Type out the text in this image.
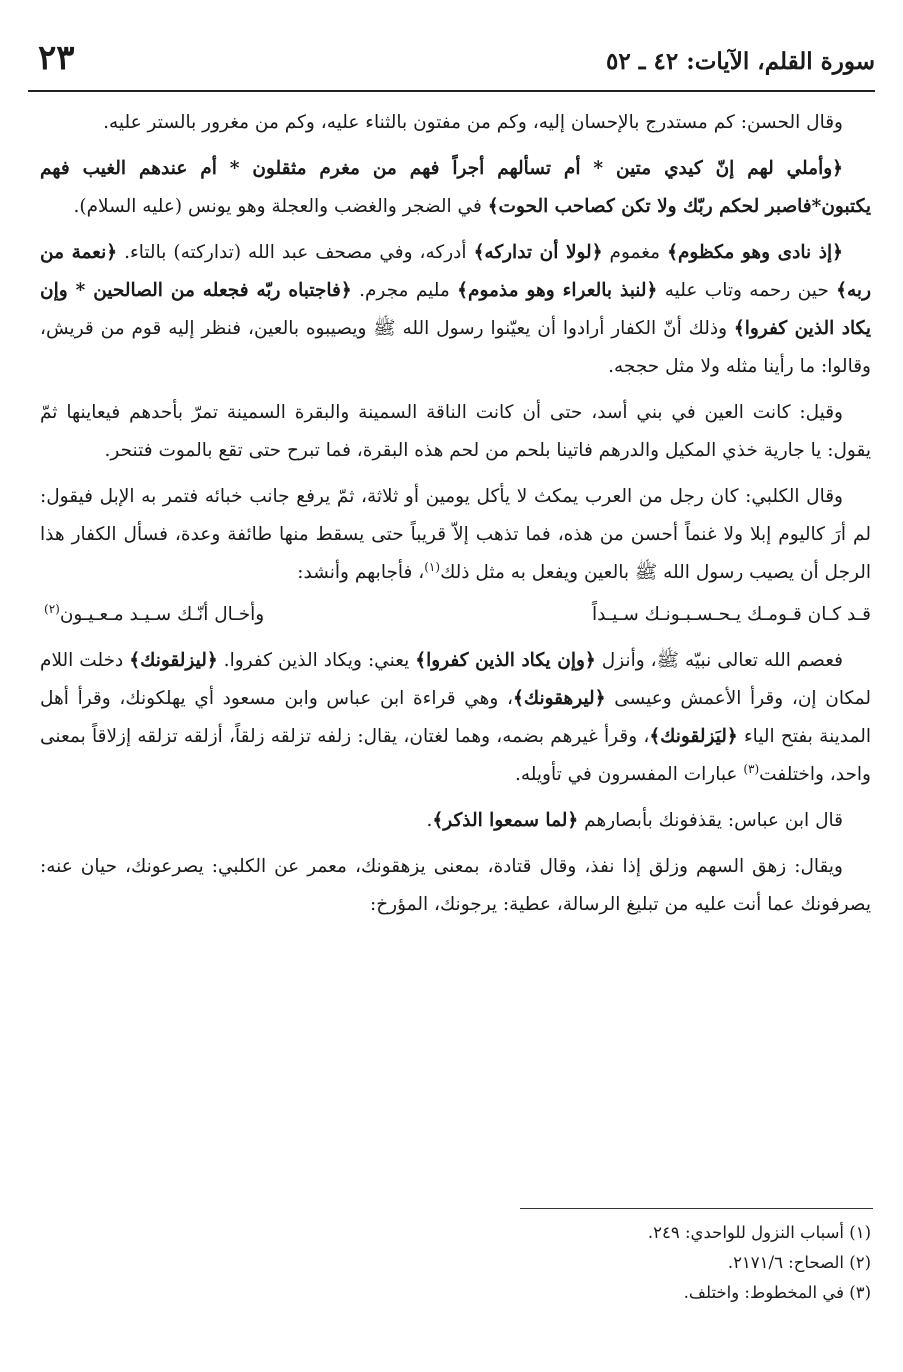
سورة القلم، الآيات: ٤٢ ـ ٥٢
٢٣

وقال الحسن: كم مستدرج بالإحسان إليه، وكم من مفتون بالثناء عليه، وكم من مغرور بالستر عليه.

﴿وأملي لهم إنّ كيدي متين * أم تسألهم أجراً فهم من مغرم مثقلون * أم عندهم الغيب فهم يكتبون*فاصبر لحكم ربّك ولا تكن كصاحب الحوت﴾ في الضجر والغضب والعجلة وهو يونس (عليه السلام).

﴿إذ نادى وهو مكظوم﴾ مغموم ﴿لولا أن تداركه﴾ أدركه، وفي مصحف عبد الله (تداركته) بالتاء. ﴿نعمة من ربه﴾ حين رحمه وتاب عليه ﴿لنبذ بالعراء وهو مذموم﴾ مليم مجرم. ﴿فاجتباه ربّه فجعله من الصالحين * وإن يكاد الذين كفروا﴾ وذلك أنّ الكفار أرادوا أن يعيّنوا رسول الله ﷺ ويصيبوه بالعين، فنظر إليه قوم من قريش، وقالوا: ما رأينا مثله ولا مثل حججه.

وقيل: كانت العين في بني أسد، حتى أن كانت الناقة السمينة والبقرة السمينة تمرّ بأحدهم فيعاينها ثمّ يقول: يا جارية خذي المكيل والدرهم فاتينا بلحم من لحم هذه البقرة، فما تبرح حتى تقع بالموت فتنحر.

وقال الكلبي: كان رجل من العرب يمكث لا يأكل يومين أو ثلاثة، ثمّ يرفع جانب خبائه فتمر به الإبل فيقول: لم أرَ كاليوم إبلا ولا غنماً أحسن من هذه، فما تذهب إلاّ قريباً حتى يسقط منها طائفة وعدة، فسأل الكفار هذا الرجل أن يصيب رسول الله ﷺ بالعين ويفعل به مثل ذلك$^{(١)}$، فأجابهم وأنشد:

قـد كـان قـومـك يـحـسـبـونـك سـيـداً
وأخـال أنّـك سـيـد مـعـيـون$^{(٢)}$

فعصم الله تعالى نبيّه ﷺ، وأنزل ﴿وإن يكاد الذين كفروا﴾ يعني: ويكاد الذين كفروا. ﴿ليزلقونك﴾ دخلت اللام لمكان إن، وقرأ الأعمش وعيسى ﴿ليرهقونك﴾، وهي قراءة ابن عباس وابن مسعود أي يهلكونك، وقرأ أهل المدينة بفتح الياء ﴿ليَزلقونك﴾، وقرأ غيرهم بضمه، وهما لغتان، يقال: زلفه تزلقه زلقاً، أزلقه تزلقه إزلاقاً بمعنى واحد، واختلفت$^{(٣)}$ عبارات المفسرون في تأويله.

قال ابن عباس: يقذفونك بأبصارهم ﴿لما سمعوا الذكر﴾.

ويقال: زهق السهم وزلق إذا نفذ، وقال قتادة، بمعنى يزهقونك، معمر عن الكلبي: يصرعونك، حيان عنه: يصرفونك عما أنت عليه من تبليغ الرسالة، عطية: يرجونك، المؤرخ:

(١) أسباب النزول للواحدي: ٢٤٩.
(٢) الصحاح: ٢١٧١/٦.
(٣) في المخطوط: واختلف.
